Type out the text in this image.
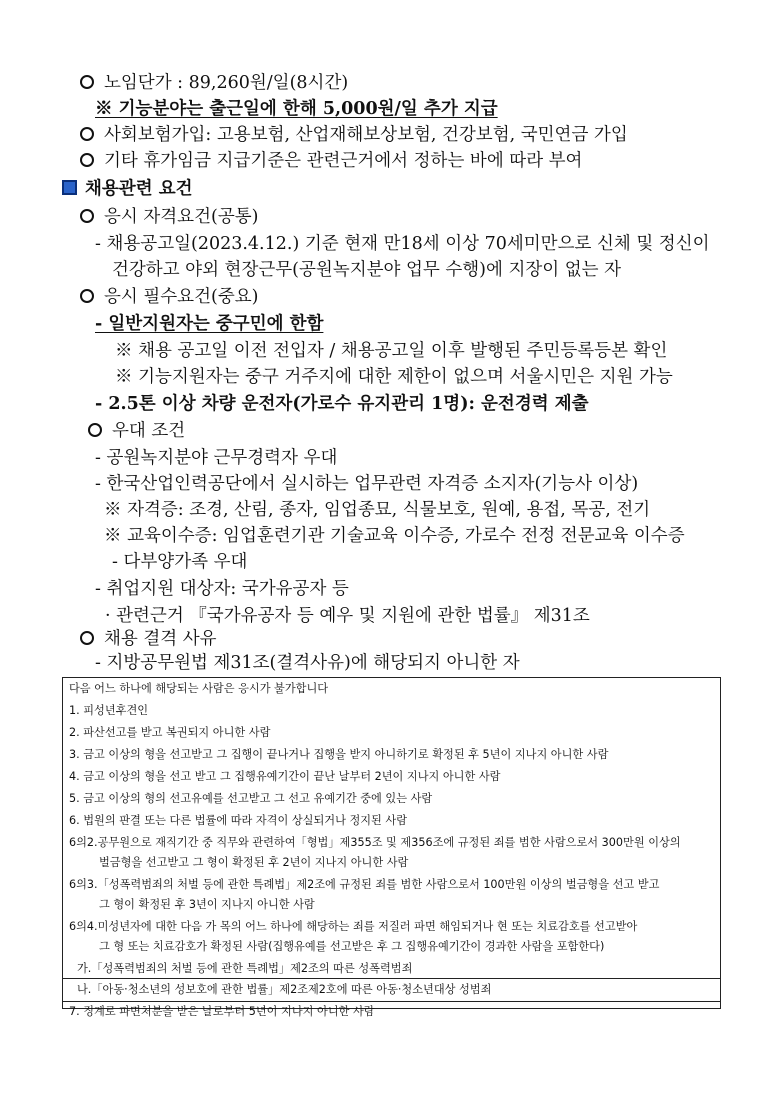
노임단가 : 89,260원/일(8시간)
※ 기능분야는 출근일에 한해 5,000원/일 추가 지급
사회보험가입: 고용보험, 산업재해보상보험, 건강보험, 국민연금 가입
기타 휴가임금 지급기준은 관련근거에서 정하는 바에 따라 부여
채용관련 요건
응시 자격요건(공통)
- 채용공고일(2023.4.12.) 기준 현재 만18세 이상 70세미만으로 신체 및 정신이
건강하고 야외 현장근무(공원녹지분야 업무 수행)에 지장이 없는 자
응시 필수요건(중요)
- 일반지원자는 중구민에 한함
※ 채용 공고일 이전 전입자 / 채용공고일 이후 발행된 주민등록등본 확인
※ 기능지원자는 중구 거주지에 대한 제한이 없으며 서울시민은 지원 가능
- 2.5톤 이상 차량 운전자(가로수 유지관리 1명): 운전경력 제출
우대 조건
- 공원녹지분야 근무경력자 우대
- 한국산업인력공단에서 실시하는 업무관련 자격증 소지자(기능사 이상)
※ 자격증: 조경, 산림, 종자, 임업종묘, 식물보호, 원예, 용접, 목공, 전기
※ 교육이수증: 임업훈련기관 기술교육 이수증, 가로수 전정 전문교육 이수증
- 다부양가족 우대
- 취업지원 대상자: 국가유공자 등
· 관련근거 『국가유공자 등 예우 및 지원에 관한 법률』 제31조
채용 결격 사유
- 지방공무원법 제31조(결격사유)에 해당되지 아니한 자
다음 어느 하나에 해당되는 사람은 응시가 불가합니다
1. 피성년후견인
2. 파산선고를 받고 복권되지 아니한 사람
3. 금고 이상의 형을 선고받고 그 집행이 끝나거나 집행을 받지 아니하기로 확정된 후 5년이 지나지 아니한 사람
4. 금고 이상의 형을 선고 받고 그 집행유예기간이 끝난 날부터 2년이 지나지 아니한 사람
5. 금고 이상의 형의 선고유예를 선고받고 그 선고 유예기간 중에 있는 사람
6. 법원의 판결 또는 다른 법률에 따라 자격이 상실되거나 정지된 사람
6의2.공무원으로 재직기간 중 직무와 관련하여「형법」제355조 및 제356조에 규정된 죄를 범한 사람으로서 300만원 이상의
벌금형을 선고받고 그 형이 확정된 후 2년이 지나지 아니한 사람
6의3.「성폭력범죄의 처벌 등에 관한 특례법」제2조에 규정된 죄를 범한 사람으로서 100만원 이상의 벌금형을 선고 받고
그 형이 확정된 후 3년이 지나지 아니한 사람
6의4.미성년자에 대한 다음 가 목의 어느 하나에 해당하는 죄를 저질러 파면 해임되거나 현 또는 치료감호를 선고받아
그 형 또는 치료감호가 확정된 사람(집행유예를 선고받은 후 그 집행유예기간이 경과한 사람을 포함한다)
가.「성폭력범죄의 처벌 등에 관한 특례법」제2조의 따른 성폭력범죄
나.「아동·청소년의 성보호에 관한 법률」제2조제2호에 따른 아동·청소년대상 성범죄
7. 징계로 파면처분을 받은 날로부터 5년이 지나지 아니한 사람
